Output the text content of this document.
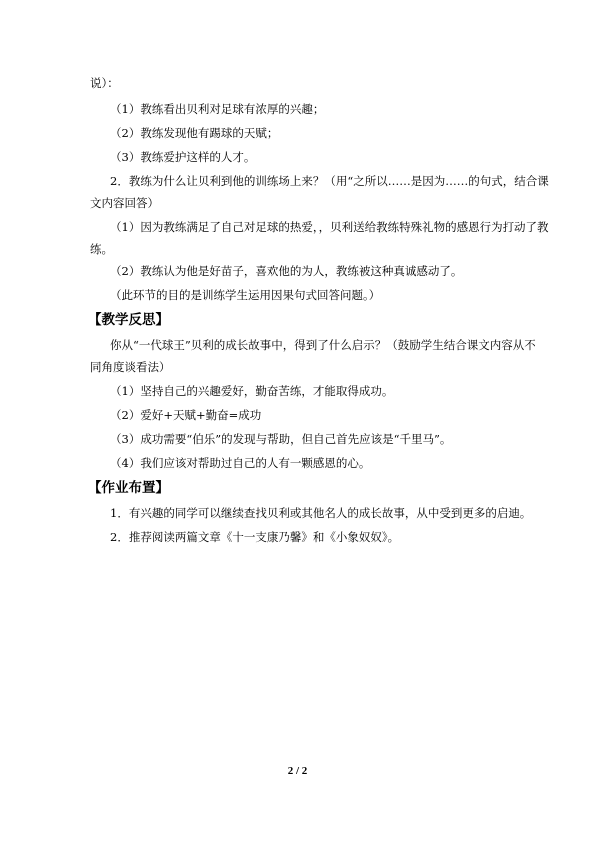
说）：
（1）教练看出贝利对足球有浓厚的兴趣；
（2）教练发现他有踢球的天赋；
（3）教练爱护这样的人才。
2．教练为什么让贝利到他的训练场上来？（用“之所以……是因为……的句式，结合课
文内容回答）
（1）因为教练满足了自己对足球的热爱，，贝利送给教练特殊礼物的感恩行为打动了教
练。
（2）教练认为他是好苗子，喜欢他的为人，教练被这种真诚感动了。
（此环节的目的是训练学生运用因果句式回答问题。）
【教学反思】
你从“一代球王”贝利的成长故事中，得到了什么启示？（鼓励学生结合课文内容从不
同角度谈看法）
（1）坚持自己的兴趣爱好，勤奋苦练，才能取得成功。
（2）爱好+天赋+勤奋=成功
（3）成功需要“伯乐”的发现与帮助，但自己首先应该是“千里马”。
（4）我们应该对帮助过自己的人有一颗感恩的心。
【作业布置】
1．有兴趣的同学可以继续查找贝利或其他名人的成长故事，从中受到更多的启迪。
2．推荐阅读两篇文章《十一支康乃馨》和《小象奴奴》。
2 / 2
